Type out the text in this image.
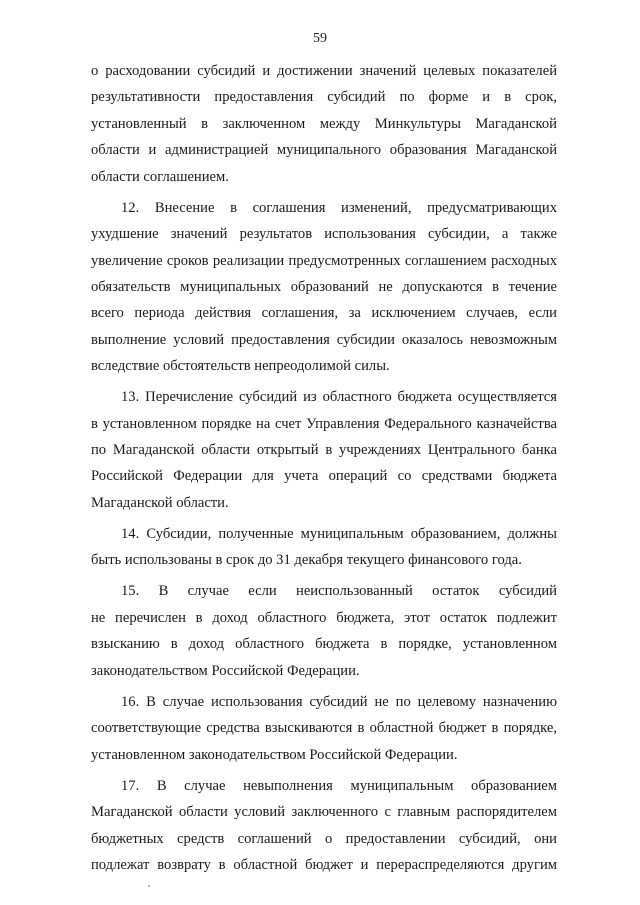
59
о расходовании субсидий и достижении значений целевых показателей
результативности предоставления субсидий по форме и в срок,
установленный в заключенном между Минкультуры Магаданской
области и администрацией муниципального образования Магаданской
области соглашением.
12. Внесение в соглашения изменений, предусматривающих
ухудшение значений результатов использования субсидии, а также
увеличение сроков реализации предусмотренных соглашением расходных
обязательств муниципальных образований не допускаются в течение
всего периода действия соглашения, за исключением случаев, если
выполнение условий предоставления субсидии оказалось невозможным
вследствие обстоятельств непреодолимой силы.
13. Перечисление субсидий из областного бюджета осуществляется
в установленном порядке на счет Управления Федерального казначейства
по Магаданской области открытый в учреждениях Центрального банка
Российской Федерации для учета операций со средствами бюджета
Магаданской области.
14. Субсидии, полученные муниципальным образованием, должны
быть использованы в срок до 31 декабря текущего финансового года.
15. В случае если неиспользованный остаток субсидий
не перечислен в доход областного бюджета, этот остаток подлежит
взысканию в доход областного бюджета в порядке, установленном
законодательством Российской Федерации.
16. В случае использования субсидий не по целевому назначению
соответствующие средства взыскиваются в областной бюджет в порядке,
установленном законодательством Российской Федерации.
17. В случае невыполнения муниципальным образованием
Магаданской области условий заключенного с главным распорядителем
бюджетных средств соглашений о предоставлении субсидий, они
подлежат возврату в областной бюджет и перераспределяются другим
